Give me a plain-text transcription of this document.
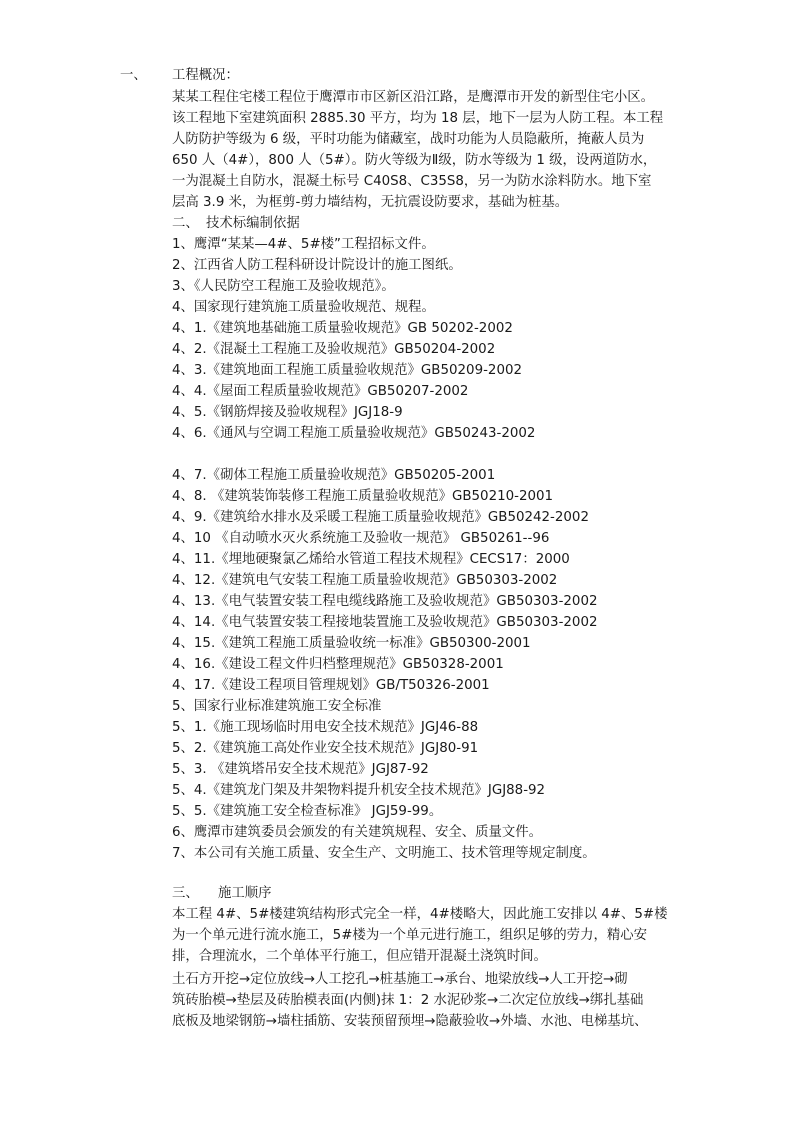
一、 工程概况：
某某工程住宅楼工程位于鹰潭市市区新区沿江路，是鹰潭市开发的新型住宅小区。
该工程地下室建筑面积 2885.30 平方，均为 18 层，地下一层为人防工程。本工程
人防防护等级为 6 级，平时功能为储藏室，战时功能为人员隐蔽所，掩蔽人员为
650 人（4#），800 人（5#）。防火等级为Ⅱ级，防水等级为 1 级，设两道防水，
一为混凝土自防水，混凝土标号 C40S8、C35S8，另一为防水涂料防水。地下室
层高 3.9 米，为框剪-剪力墙结构，无抗震设防要求，基础为桩基。
二、 技术标编制依据
1、鹰潭“某某—4#、5#楼”工程招标文件。
2、江西省人防工程科研设计院设计的施工图纸。
3、《人民防空工程施工及验收规范》。
4、国家现行建筑施工质量验收规范、规程。
4、1.《建筑地基础施工质量验收规范》GB 50202-2002
4、2.《混凝土工程施工及验收规范》GB50204-2002
4、3.《建筑地面工程施工质量验收规范》GB50209-2002
4、4.《屋面工程质量验收规范》GB50207-2002
4、5.《钢筋焊接及验收规程》JGJ18-9
4、6.《通风与空调工程施工质量验收规范》GB50243-2002
4、7.《砌体工程施工质量验收规范》GB50205-2001
4、8. 《建筑装饰装修工程施工质量验收规范》GB50210-2001
4、9.《建筑给水排水及采暖工程施工质量验收规范》GB50242-2002
4、10 《自动喷水灭火系统施工及验收一规范》 GB50261--96
4、11.《埋地硬聚氯乙烯给水管道工程技术规程》CECS17：2000
4、12.《建筑电气安装工程施工质量验收规范》GB50303-2002
4、13.《电气装置安装工程电缆线路施工及验收规范》GB50303-2002
4、14.《电气装置安装工程接地装置施工及验收规范》GB50303-2002
4、15.《建筑工程施工质量验收统一标准》GB50300-2001
4、16.《建设工程文件归档整理规范》GB50328-2001
4、17.《建设工程项目管理规划》GB/T50326-2001
5、国家行业标准建筑施工安全标准
5、1.《施工现场临时用电安全技术规范》JGJ46-88
5、2.《建筑施工高处作业安全技术规范》JGJ80-91
5、3. 《建筑塔吊安全技术规范》JGJ87-92
5、4.《建筑龙门架及井架物料提升机安全技术规范》JGJ88-92
5、5.《建筑施工安全检查标准》 JGJ59-99。
6、鹰潭市建筑委员会颁发的有关建筑规程、安全、质量文件。
7、本公司有关施工质量、安全生产、文明施工、技术管理等规定制度。
三、 施工顺序
本工程 4#、5#楼建筑结构形式完全一样，4#楼略大，因此施工安排以 4#、5#楼
为一个单元进行流水施工，5#楼为一个单元进行施工，组织足够的劳力，精心安
排，合理流水，二个单体平行施工，但应错开混凝土浇筑时间。
土石方开挖→定位放线→人工挖孔→桩基施工→承台、地梁放线→人工开挖→砌
筑砖胎模→垫层及砖胎模表面(内侧)抹 1：2 水泥砂浆→二次定位放线→绑扎基础
底板及地梁钢筋→墙柱插筋、安装预留预埋→隐蔽验收→外墙、水池、电梯基坑、
